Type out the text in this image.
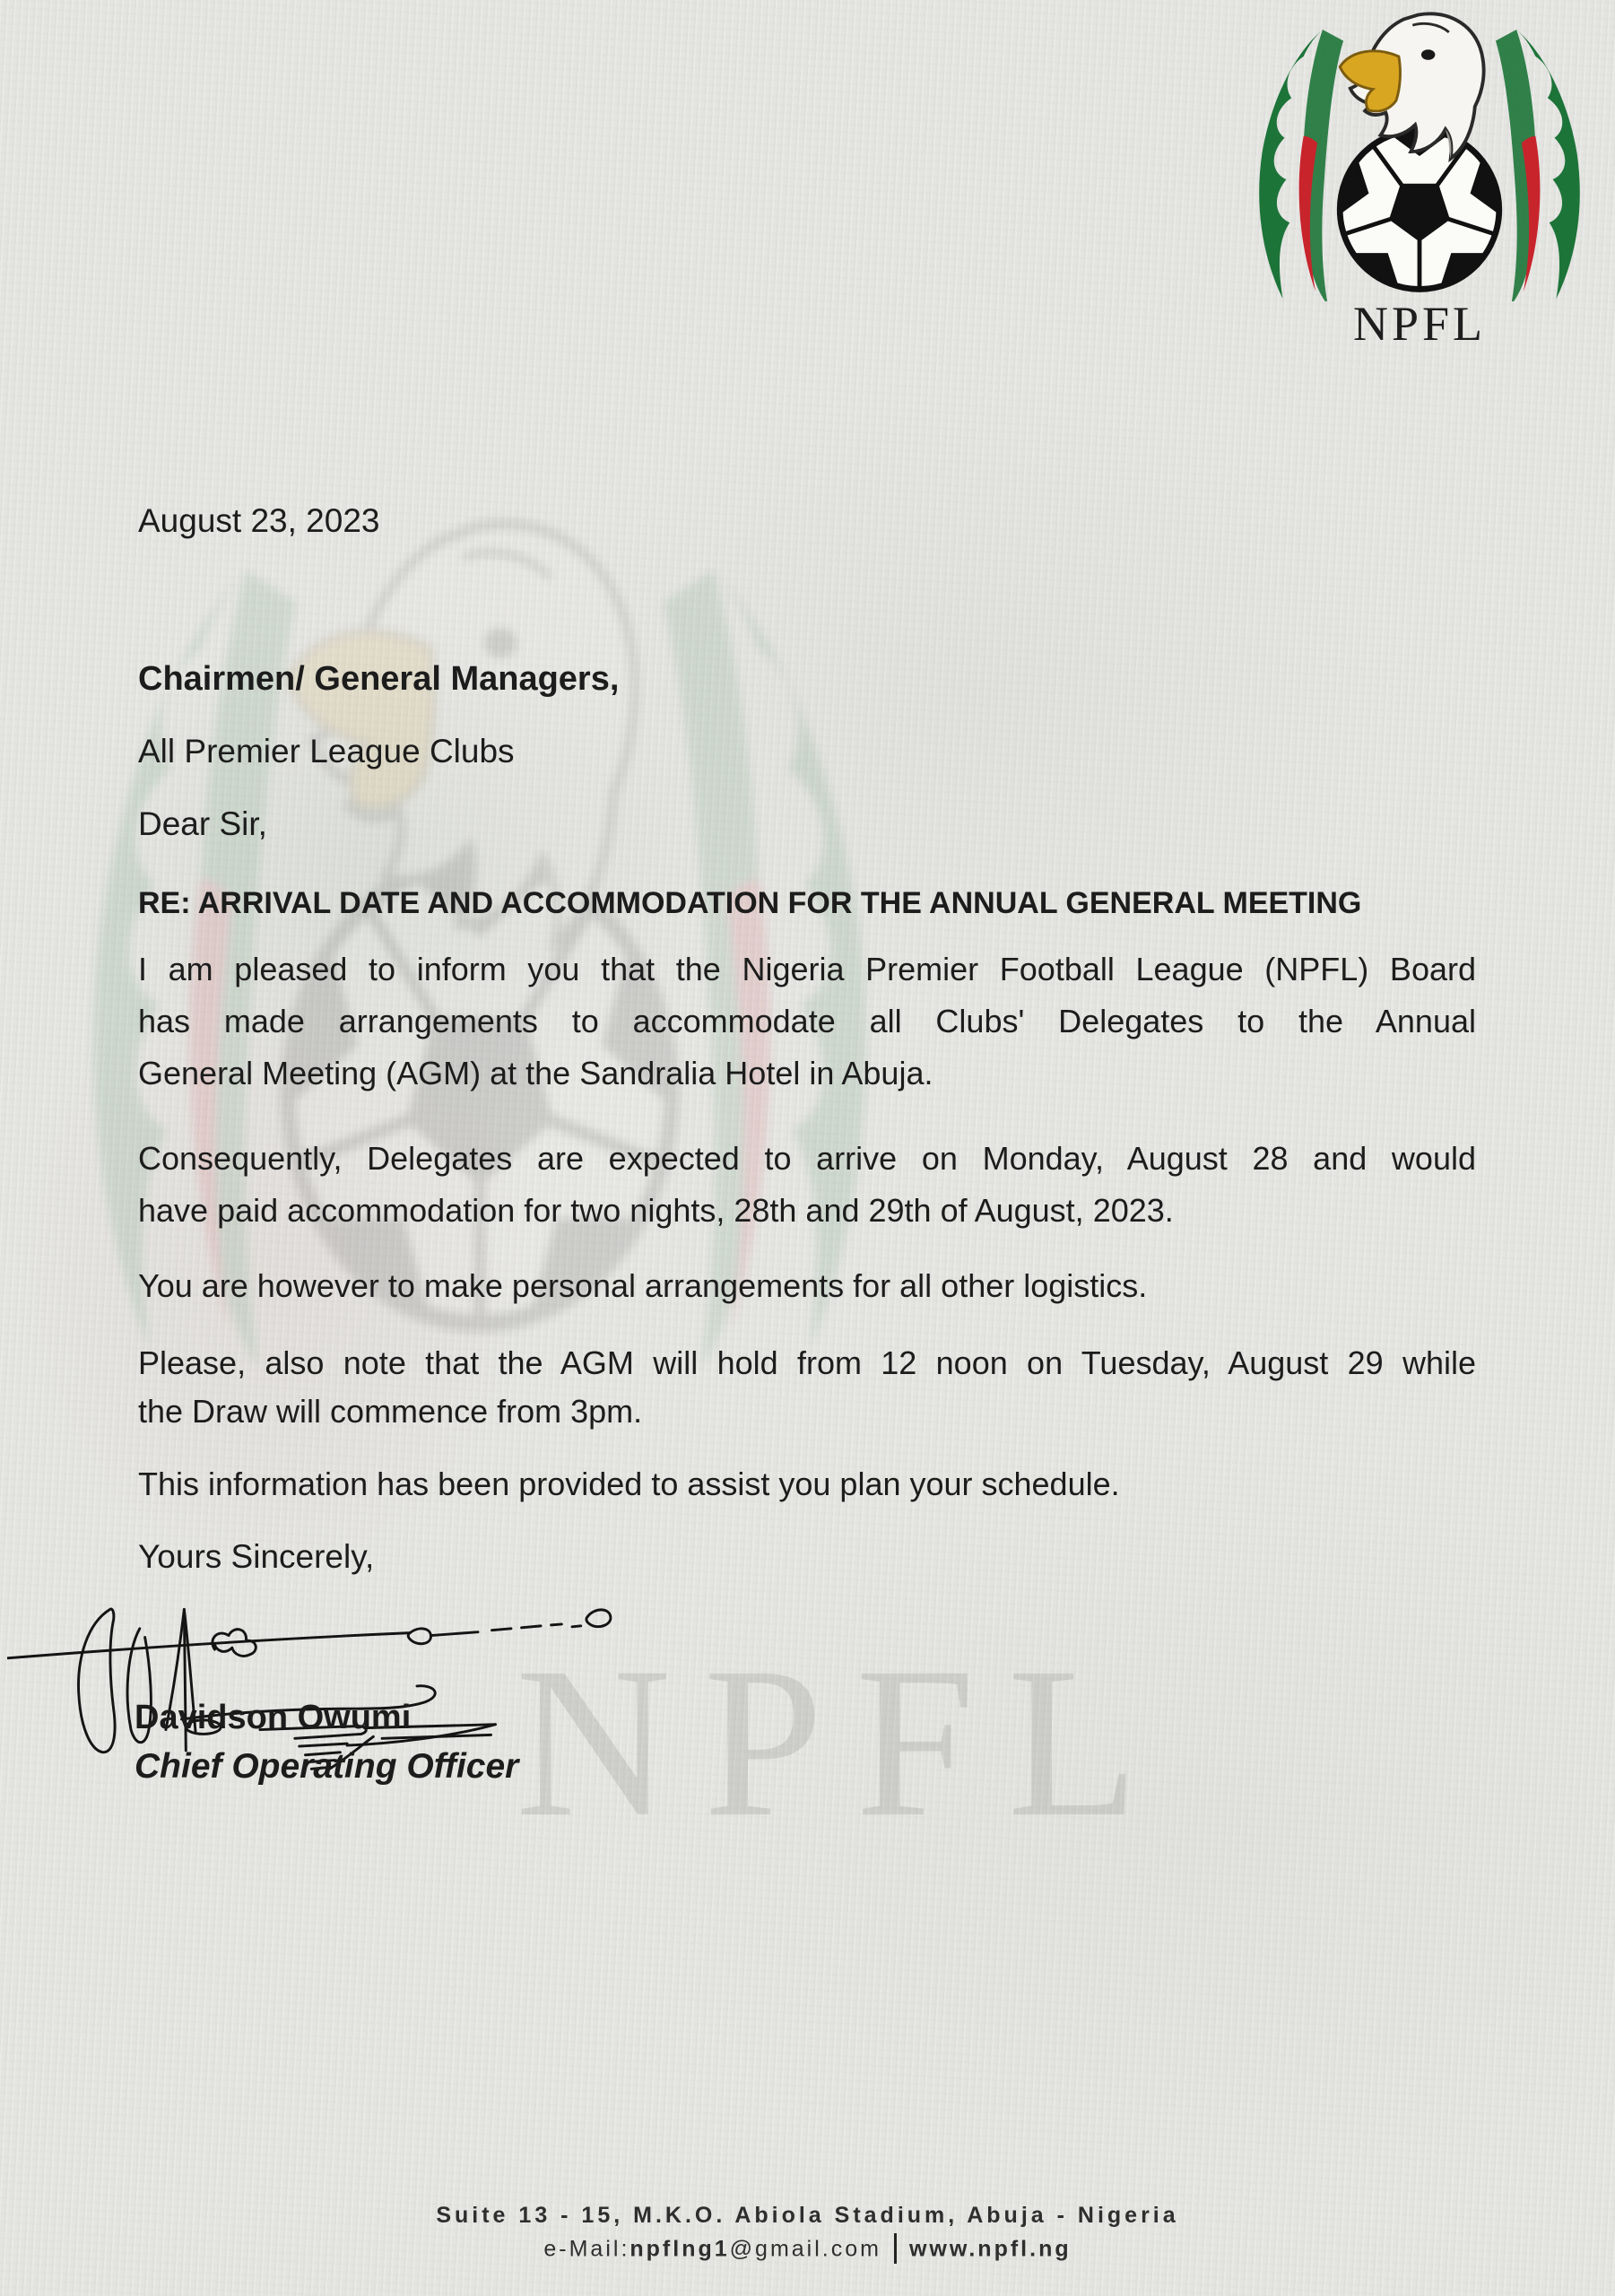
NPFL
NPFL
August 23, 2023
Chairmen/ General Managers,
All Premier League Clubs
Dear Sir,
RE: ARRIVAL DATE AND ACCOMMODATION FOR THE ANNUAL GENERAL MEETING
I am pleased to inform you that the Nigeria Premier Football League (NPFL) Board
has made arrangements to accommodate all Clubs' Delegates to the Annual
General Meeting (AGM) at the Sandralia Hotel in Abuja.
Consequently, Delegates are expected to arrive on Monday, August 28 and would
have paid accommodation for two nights, 28th and 29th of August, 2023.
You are however to make personal arrangements for all other logistics.
Please, also note that the AGM will hold from 12 noon on Tuesday, August 29 while
the Draw will commence from 3pm.
This information has been provided to assist you plan your schedule.
Yours Sincerely,
Davidson Owumi
Chief Operating Officer
Suite 13 - 15, M.K.O. Abiola Stadium, Abuja - Nigeria
e-Mail:npflng1@gmail.com www.npfl.ng
